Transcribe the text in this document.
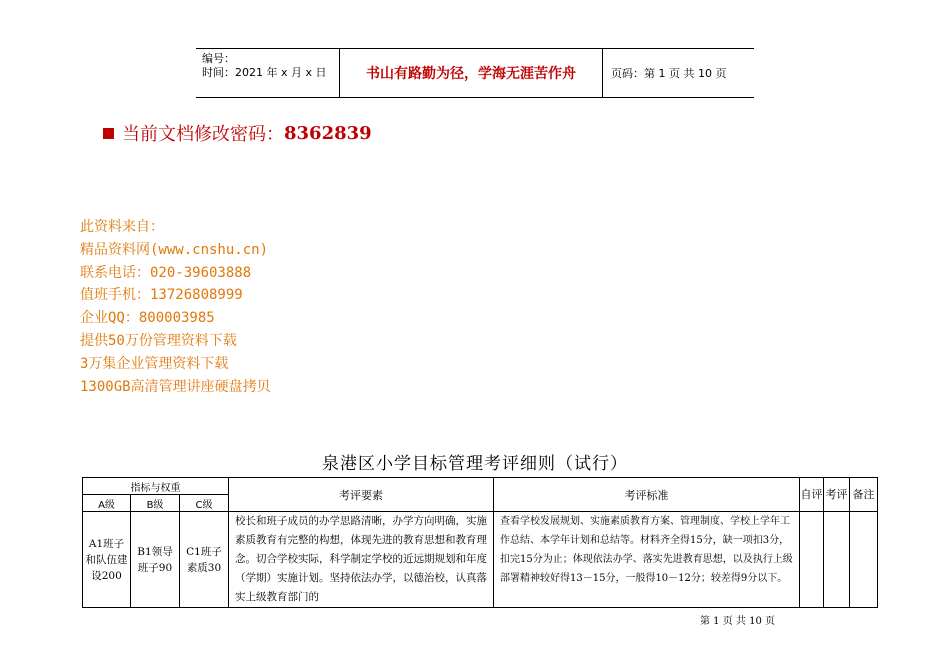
编号：
时间：2021 年 x 月 x 日	书山有路勤为径，学海无涯苦作舟	页码：第 1 页 共 10 页
当前文档修改密码： 8362839
此资料来自：
精品资料网(www.cnshu.cn)
联系电话：020-39603888
值班手机：13726808999
企业QQ：800003985
提供50万份管理资料下载
3万集企业管理资料下载
1300GB高清管理讲座硬盘拷贝
泉港区小学目标管理考评细则（试行）
指标与权重			考评要素	考评标准	自评	考评	备注
A级	B级	C级					
A1班子和队伍建设200	B1领导班子90	C1班子素质30	校长和班子成员的办学思路清晰，办学方向明确，实施素质教育有完整的构想，体现先进的教育思想和教育理念。切合学校实际，科学制定学校的近远期规划和年度（学期）实施计划。坚持依法办学，以德治校，认真落实上级教育部门的	查看学校发展规划、实施素质教育方案、管理制度、学校上学年工作总结、本学年计划和总结等。材料齐全得15分，缺一项扣3分，扣完15分为止；体现依法办学、落实先进教育思想，以及执行上级部署精神较好得13－15分，一般得10－12分；较差得9分以下。			
第 1 页 共 10 页
